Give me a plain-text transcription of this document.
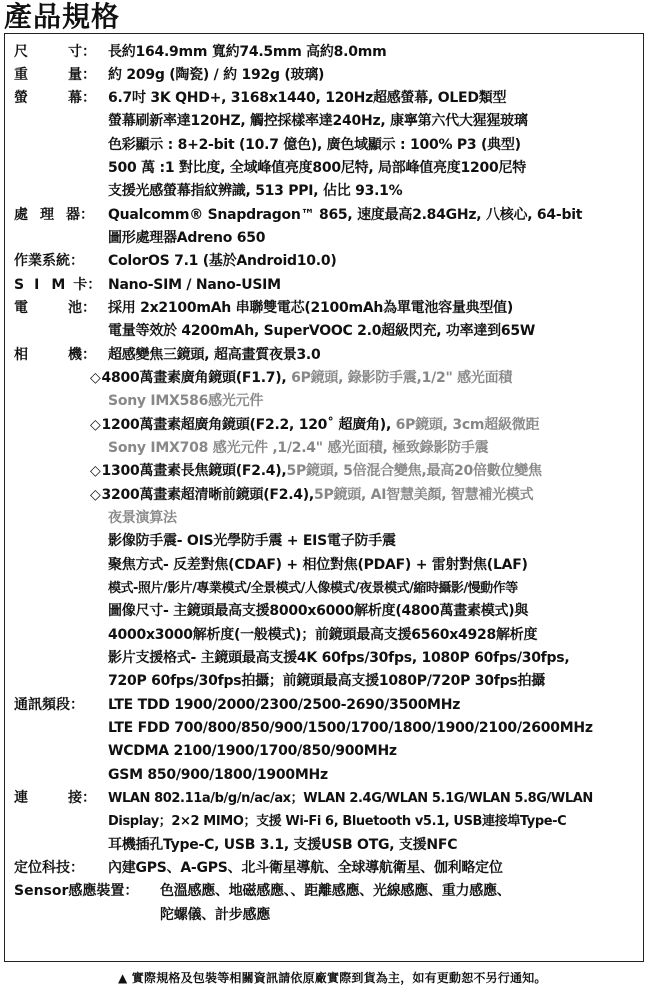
產品規格
尺	寸： 長約164.9mm 寬約74.5mm 高約8.0mm
重	量： 約 209g (陶瓷) / 約 192g (玻璃)
螢	幕： 6.7吋 3K QHD+, 3168x1440, 120Hz超感螢幕, OLED類型
螢幕刷新率達120HZ, 觸控採樣率達240Hz, 康寧第六代大猩猩玻璃
色彩顯示 : 8+2-bit (10.7 億色), 廣色域顯示 : 100% P3 (典型)
500 萬 :1 對比度, 全域峰值亮度800尼特, 局部峰值亮度1200尼特
支援光感螢幕指紋辨識, 513 PPI, 佔比 93.1%
處 理 器： Qualcomm® Snapdragon™ 865, 速度最高2.84GHz, 八核心, 64-bit
圖形處理器Adreno 650
作業系統： ColorOS 7.1 (基於Android10.0)
S I M 卡： Nano-SIM / Nano-USIM
電	池： 採用 2x2100mAh 串聯雙電芯(2100mAh為單電池容量典型值)
電量等效於 4200mAh, SuperVOOC 2.0超級閃充, 功率達到65W
相	機： 超感變焦三鏡頭, 超高畫質夜景3.0
◇4800萬畫素廣角鏡頭(F1.7), 6P鏡頭, 錄影防手震,1/2" 感光面積
Sony IMX586感光元件
◇1200萬畫素超廣角鏡頭(F2.2, 120˚ 超廣角), 6P鏡頭, 3cm超級微距
Sony IMX708 感光元件 ,1/2.4" 感光面積, 極致錄影防手震
◇1300萬畫素長焦鏡頭(F2.4),5P鏡頭, 5倍混合變焦,最高20倍數位變焦
◇3200萬畫素超清晰前鏡頭(F2.4),5P鏡頭, AI智慧美顏, 智慧補光模式
夜景演算法
影像防手震- OIS光學防手震 + EIS電子防手震
聚焦方式- 反差對焦(CDAF) + 相位對焦(PDAF) + 雷射對焦(LAF)
模式-照片/影片/專業模式/全景模式/人像模式/夜景模式/縮時攝影/慢動作等
圖像尺寸- 主鏡頭最高支援8000x6000解析度(4800萬畫素模式)與
4000x3000解析度(一般模式)；前鏡頭最高支援6560x4928解析度
影片支援格式- 主鏡頭最高支援4K 60fps/30fps, 1080P 60fps/30fps,
720P 60fps/30fps拍攝；前鏡頭最高支援1080P/720P 30fps拍攝
通訊頻段： LTE TDD 1900/2000/2300/2500-2690/3500MHz
LTE FDD 700/800/850/900/1500/1700/1800/1900/2100/2600MHz
WCDMA 2100/1900/1700/850/900MHz
GSM 850/900/1800/1900MHz
連	接： WLAN 802.11a/b/g/n/ac/ax；WLAN 2.4G/WLAN 5.1G/WLAN 5.8G/WLAN
Display；2×2 MIMO；支援 Wi-Fi 6, Bluetooth v5.1, USB連接埠Type-C
耳機插孔Type-C, USB 3.1, 支援USB OTG, 支援NFC
定位科技： 內建GPS、A-GPS、北斗衛星導航、全球導航衛星、伽利略定位
Sensor感應裝置： 色溫感應、地磁感應、、距離感應、光線感應、重力感應、
陀螺儀、計步感應
▲ 實際規格及包裝等相關資訊請依原廠實際到貨為主，如有更動恕不另行通知。
